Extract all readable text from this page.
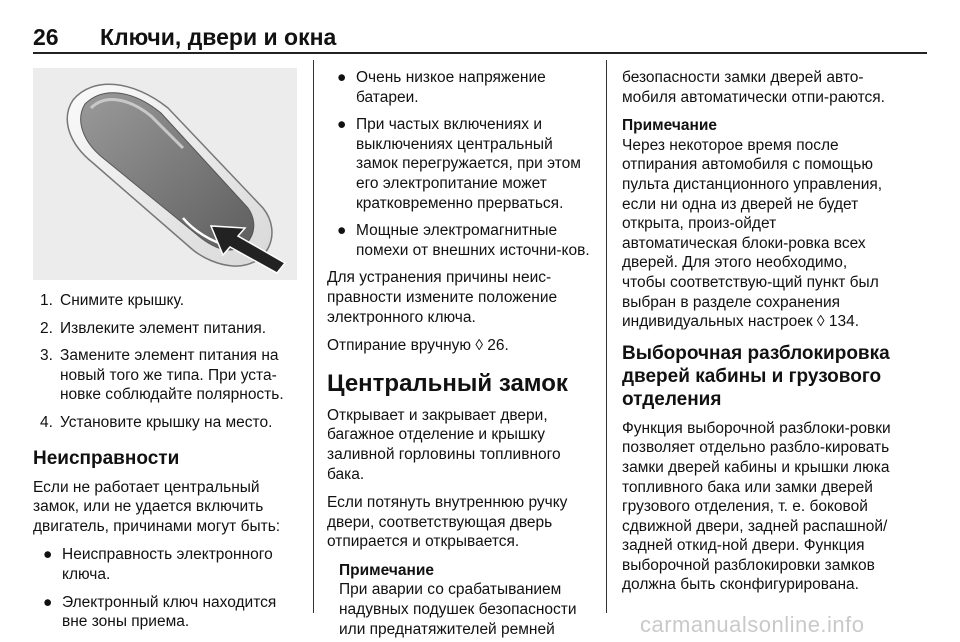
26 Ключи, двери и окна
1. Снимите крышку.
2. Извлеките элемент питания.
3. Замените элемент питания на новый того же типа. При уста-новке соблюдайте полярность.
4. Установите крышку на место.
Неисправности

Если не работает центральный замок, или не удается включить двигатель, причинами могут быть:

● Неисправность электронного ключа.
● Электронный ключ находится вне зоны приема.
● Очень низкое напряжение батареи.
● При частых включениях и выключениях центральный замок перегружается, при этом его электропитание может кратковременно прерваться.
● Мощные электромагнитные помехи от внешних источни-ков.

Для устранения причины неис-правности измените положение электронного ключа.

Отпирание вручную ◊ 26.

Центральный замок

Открывает и закрывает двери, багажное отделение и крышку заливной горловины топливного бака.

Если потянуть внутреннюю ручку двери, соответствующая дверь отпирается и открывается.

Примечание
При аварии со срабатыванием надувных подушек безопасности или преднатяжителей ремней

безопасности замки дверей авто-мобиля автоматически отпи-раются.

Примечание
Через некоторое время после отпирания автомобиля с помощью пульта дистанционного управления, если ни одна из дверей не будет открыта, произ-ойдет автоматическая блоки-ровка всех дверей. Для этого необходимо, чтобы соответствую-щий пункт был выбран в разделе сохранения индивидуальных настроек ◊ 134.
Выборочная разблокировка дверей кабины и грузового отделения

Функция выборочной разблоки-ровки позволяет отдельно разбло-кировать замки дверей кабины и крышки люка топливного бака или замки дверей грузового отделения, т. е. боковой сдвижной двери, задней распашной/задней откид-ной двери. Функция выборочной разблокировки замков должна быть сконфигурирована.

carmanualsonline.info
